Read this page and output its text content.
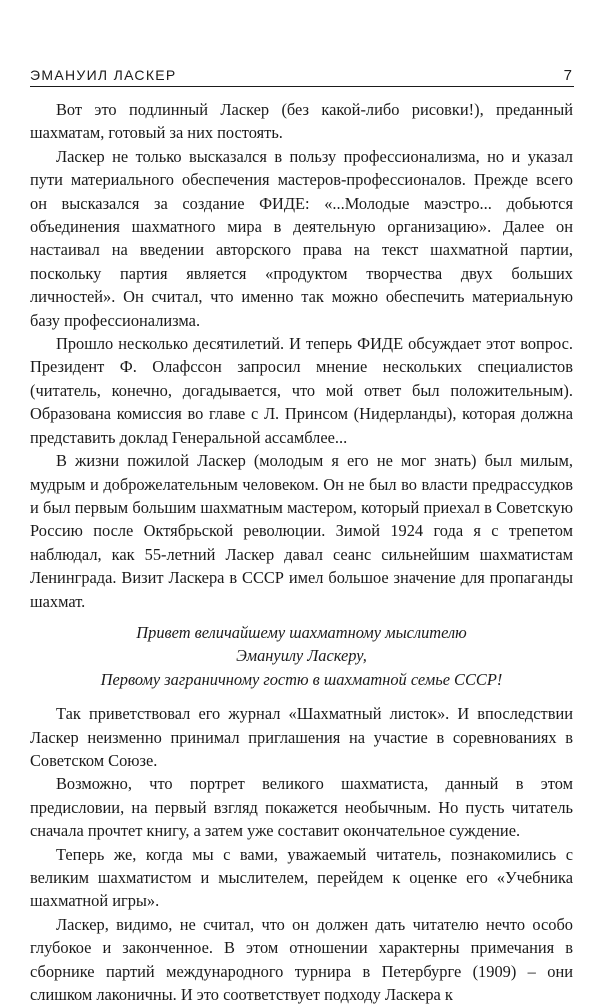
ЭМАНУИЛ ЛАСКЕР	7

Вот это подлинный Ласкер (без какой-либо рисовки!), преданный шахматам, готовый за них постоять.

Ласкер не только высказался в пользу профессионализма, но и указал пути материального обеспечения мастеров-профессионалов. Прежде всего он высказался за создание ФИДЕ: «...Молодые маэстро... добьются объединения шахматного мира в деятельную организацию». Далее он настаивал на введении авторского права на текст шахматной партии, поскольку партия является «продуктом творчества двух больших личностей». Он считал, что именно так можно обеспечить материальную базу профессионализма.

Прошло несколько десятилетий. И теперь ФИДЕ обсуждает этот вопрос. Президент Ф. Олафссон запросил мнение нескольких специалистов (читатель, конечно, догадывается, что мой ответ был положительным). Образована комиссия во главе с Л. Принсом (Нидерланды), которая должна представить доклад Генеральной ассамблее...

В жизни пожилой Ласкер (молодым я его не мог знать) был милым, мудрым и доброжелательным человеком. Он не был во власти предрассудков и был первым большим шахматным мастером, который приехал в Советскую Россию после Октябрьской революции. Зимой 1924 года я с трепетом наблюдал, как 55-летний Ласкер давал сеанс сильнейшим шахматистам Ленинграда. Визит Ласкера в СССР имел большое значение для пропаганды шахмат.

Привет величайшему шахматному мыслителю
Эмануилу Ласкеру,
Первому заграничному гостю в шахматной семье СССР!

Так приветствовал его журнал «Шахматный листок». И впоследствии Ласкер неизменно принимал приглашения на участие в соревнованиях в Советском Союзе.

Возможно, что портрет великого шахматиста, данный в этом предисловии, на первый взгляд покажется необычным. Но пусть читатель сначала прочтет книгу, а затем уже составит окончательное суждение.

Теперь же, когда мы с вами, уважаемый читатель, познакомились с великим шахматистом и мыслителем, перейдем к оценке его «Учебника шахматной игры».

Ласкер, видимо, не считал, что он должен дать читателю нечто особо глубокое и законченное. В этом отношении характерны примечания в сборнике партий международного турнира в Петербурге (1909) – они слишком лаконичны. И это соответствует подходу Ласкера к
